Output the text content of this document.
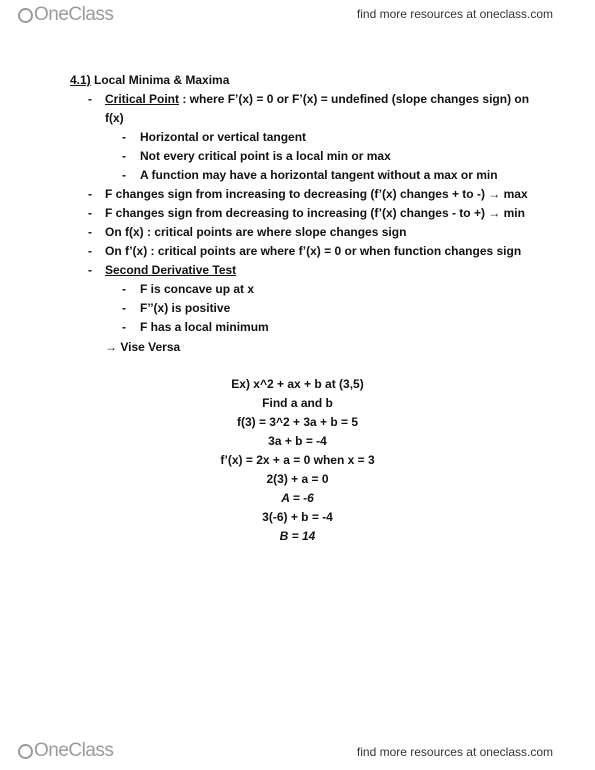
OneClass	find more resources at oneclass.com
4.1) Local Minima & Maxima
- Critical Point : where F’(x) = 0 or F’(x) = undefined (slope changes sign) on
f(x)
- Horizontal or vertical tangent
- Not every critical point is a local min or max
- A function may have a horizontal tangent without a max or min
- F changes sign from increasing to decreasing (f’(x) changes + to -) → max
- F changes sign from decreasing to increasing (f’(x) changes - to +) → min
- On f(x) : critical points are where slope changes sign
- On f’(x) : critical points are where f’(x) = 0 or when function changes sign
- Second Derivative Test
- F is concave up at x
- F’’(x) is positive
- F has a local minimum
→ Vise Versa
Ex) x^2 + ax + b at (3,5)
Find a and b
f(3) = 3^2 + 3a + b = 5
3a + b = -4
f’(x) = 2x + a = 0 when x = 3
2(3) + a = 0
A = -6
3(-6) + b = -4
B = 14
OneClass	find more resources at oneclass.com
